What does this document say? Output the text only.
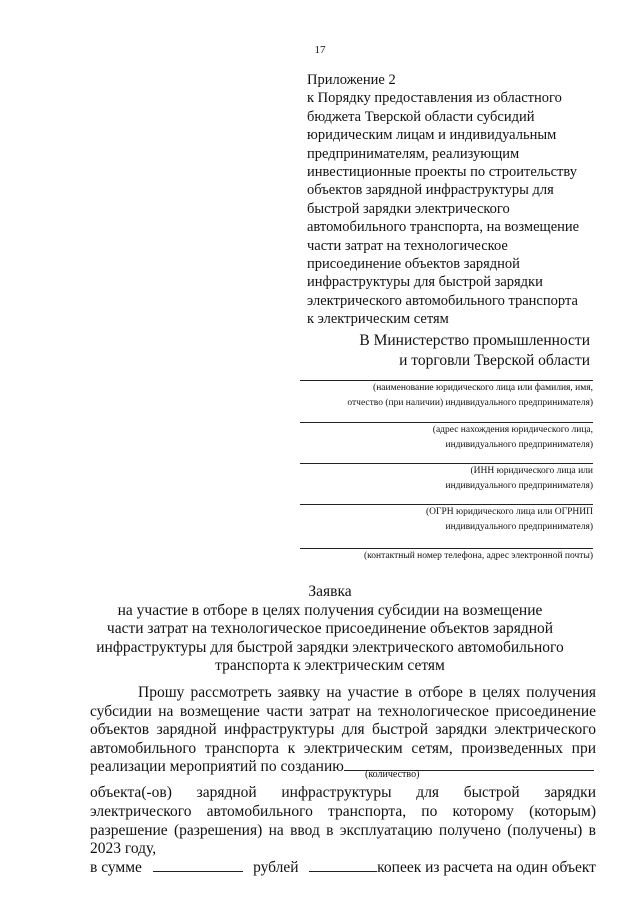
17
Приложение 2
к Порядку предоставления из областного
бюджета Тверской области субсидий
юридическим лицам и индивидуальным
предпринимателям, реализующим
инвестиционные проекты по строительству
объектов зарядной инфраструктуры для
быстрой зарядки электрического
автомобильного транспорта, на возмещение
части затрат на технологическое
присоединение объектов зарядной
инфраструктуры для быстрой зарядки
электрического автомобильного транспорта
к электрическим сетям
В Министерство промышленности
и торговли Тверской области
(наименование юридического лица или фамилия, имя,
отчество (при наличии) индивидуального предпринимателя)
(адрес нахождения юридического лица,
индивидуального предпринимателя)
(ИНН юридического лица или
индивидуального предпринимателя)
(ОГРН юридического лица или ОГРНИП
индивидуального предпринимателя)
(контактный номер телефона, адрес электронной почты)
Заявка
на участие в отборе в целях получения субсидии на возмещение
части затрат на технологическое присоединение объектов зарядной
инфраструктуры для быстрой зарядки электрического автомобильного
транспорта к электрическим сетям
Прошу рассмотреть заявку на участие в отборе в целях получения субсидии на возмещение части затрат на технологическое присоединение объектов зарядной инфраструктуры для быстрой зарядки электрического автомобильного транспорта к электрическим сетям, произведенных при реализации мероприятий по созданию	(количество)
объекта(-ов) зарядной инфраструктуры для быстрой зарядки электрического автомобильного транспорта, по которому (которым) разрешение (разрешения) на ввод в эксплуатацию получено (получены) в 2023 году,
в сумме	рублей	копеек из расчета на один объект
